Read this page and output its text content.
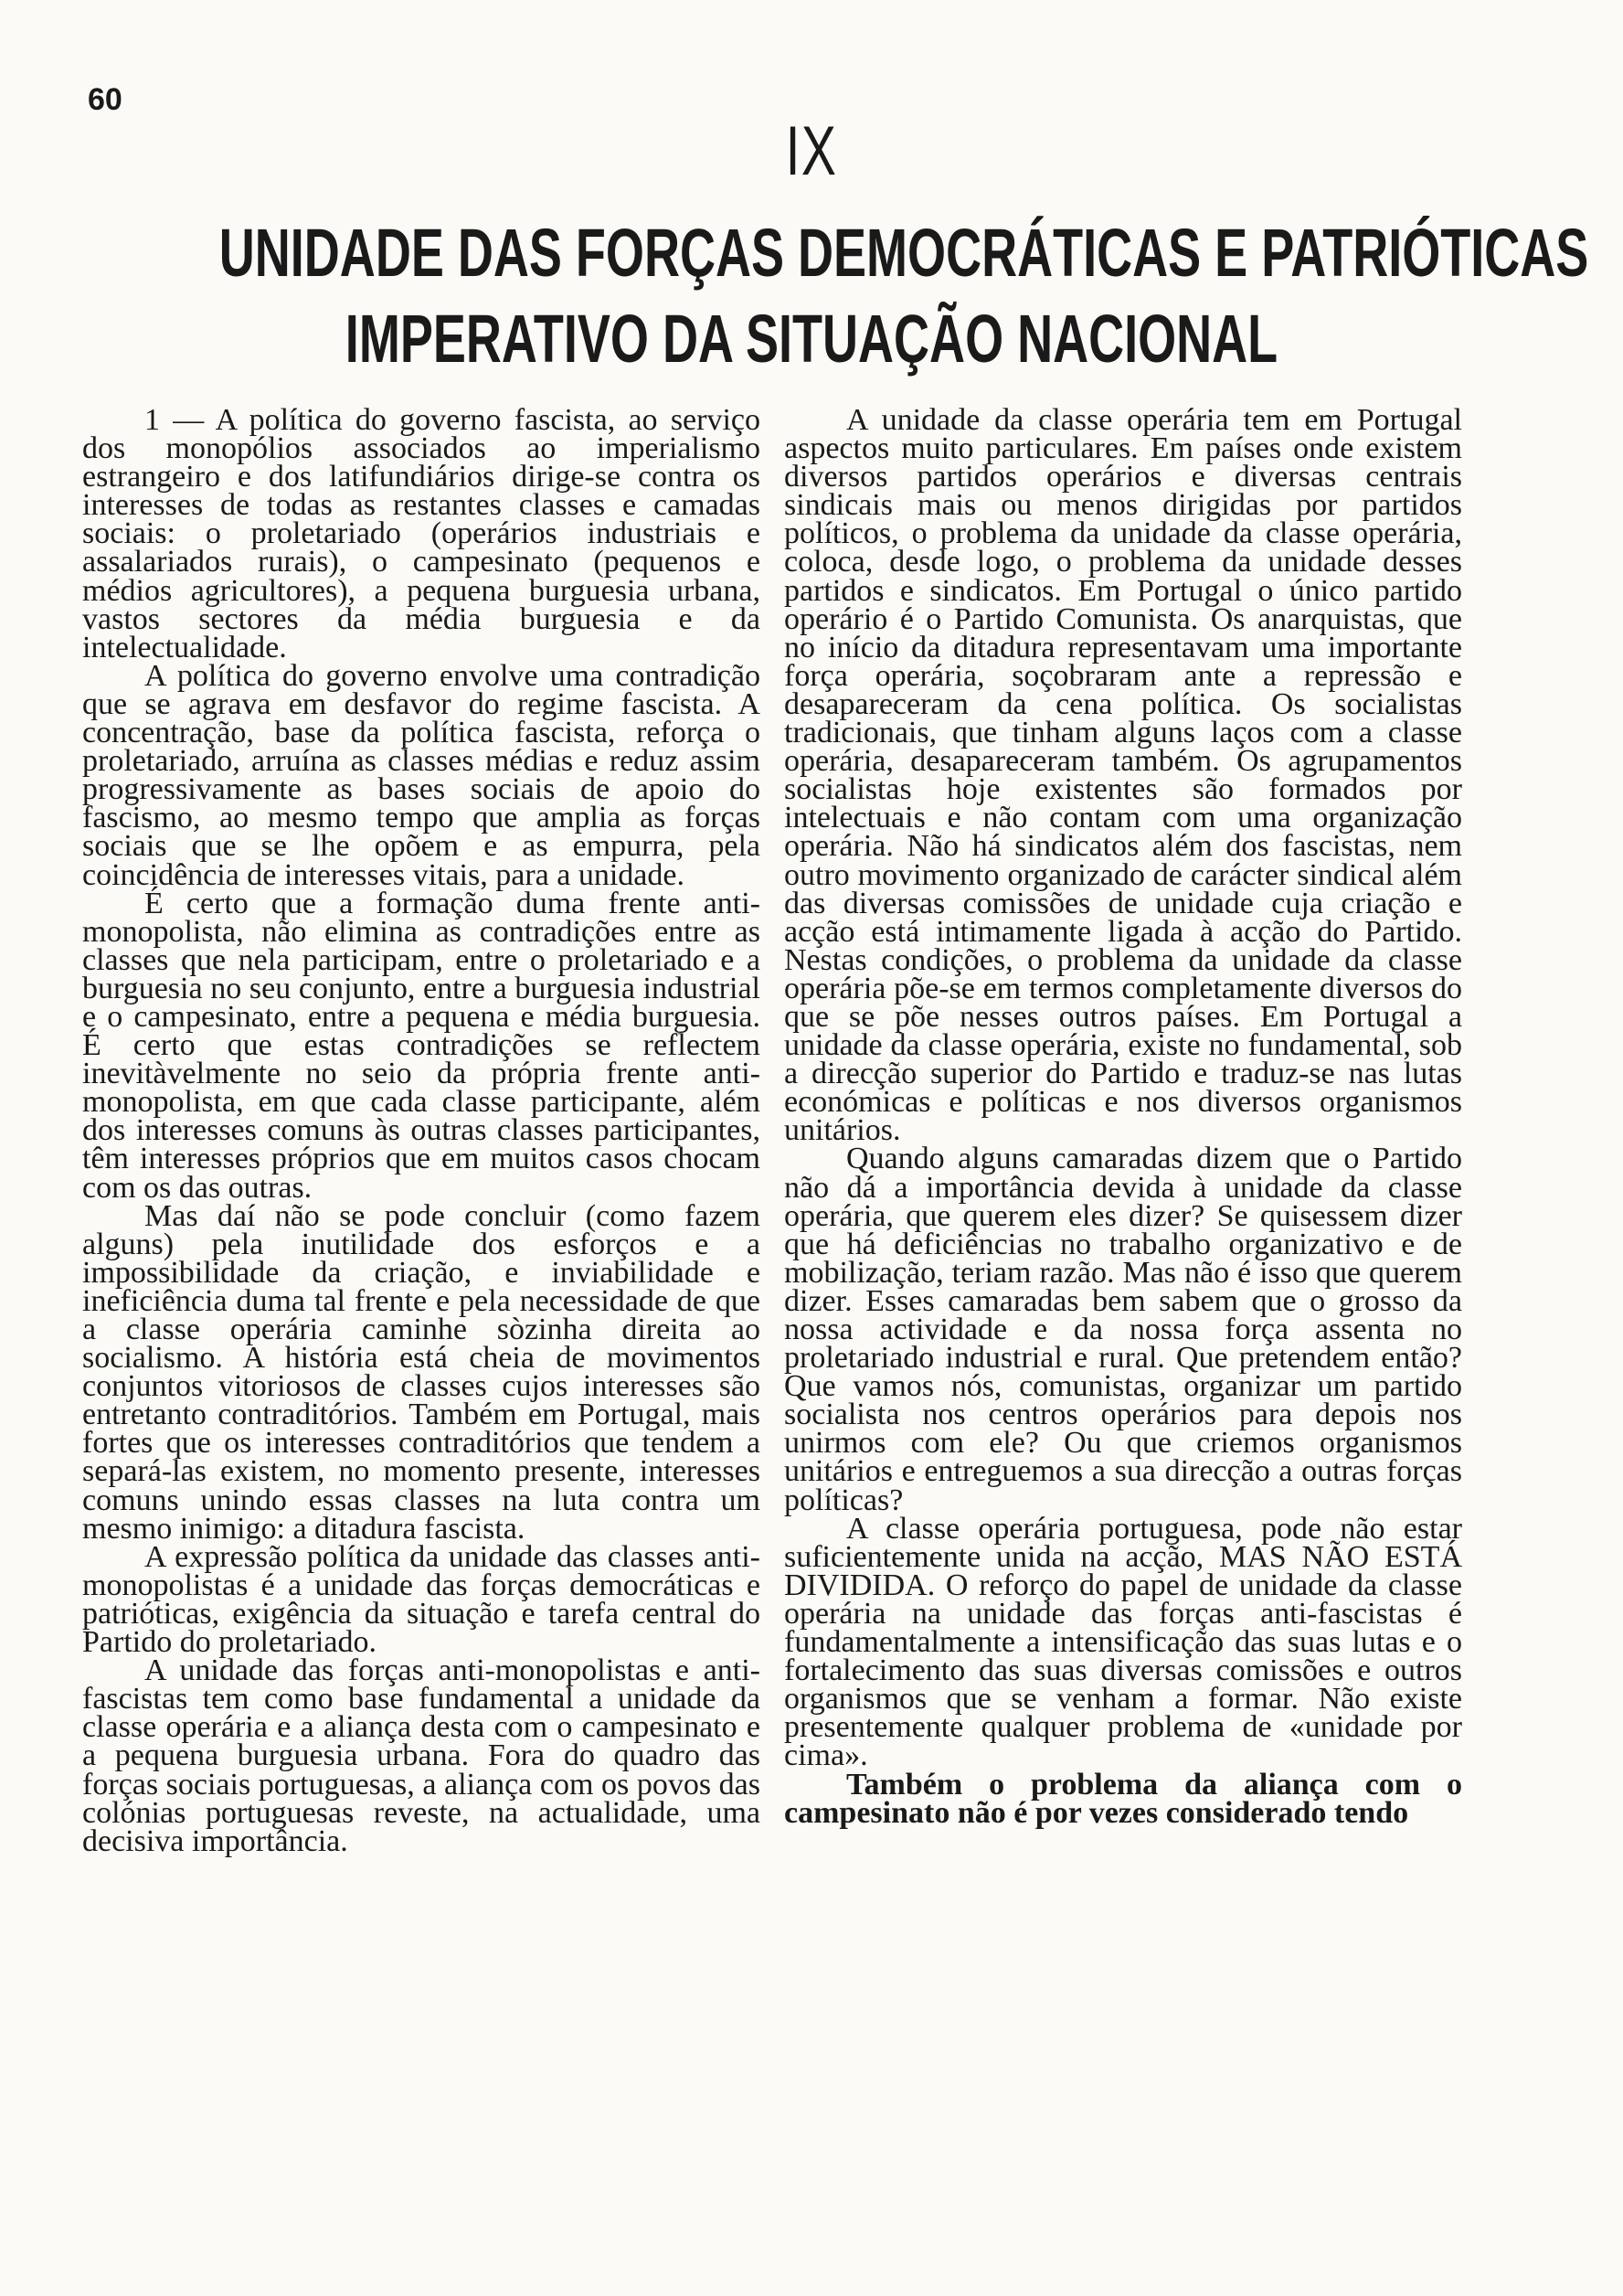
60
IX
UNIDADE DAS FORÇAS DEMOCRÁTICAS E PATRIÓTICAS
IMPERATIVO DA SITUAÇÃO NACIONAL

1 — A política do governo fascista, ao serviço dos monopólios associados ao imperialismo estrangeiro e dos latifundiários dirige-se contra os interesses de todas as restantes classes e camadas sociais: o proletariado (operários industriais e assalariados rurais), o campesinato (pequenos e médios agricultores), a pequena burguesia urbana, vastos sectores da média burguesia e da intelectualidade.

A política do governo envolve uma contradição que se agrava em desfavor do regime fascista. A concentração, base da política fascista, reforça o proletariado, arruína as classes médias e reduz assim progressivamente as bases sociais de apoio do fascismo, ao mesmo tempo que amplia as forças sociais que se lhe opõem e as empurra, pela coincidência de interesses vitais, para a unidade.

É certo que a formação duma frente anti-monopolista, não elimina as contradições entre as classes que nela participam, entre o proletariado e a burguesia no seu conjunto, entre a burguesia industrial e o campesinato, entre a pequena e média burguesia. É certo que estas contradições se reflectem inevitàvelmente no seio da própria frente anti-monopolista, em que cada classe participante, além dos interesses comuns às outras classes participantes, têm interesses próprios que em muitos casos chocam com os das outras.

Mas daí não se pode concluir (como fazem alguns) pela inutilidade dos esforços e a impossibilidade da criação, e inviabilidade e ineficiência duma tal frente e pela necessidade de que a classe operária caminhe sòzinha direita ao socialismo. A história está cheia de movimentos conjuntos vitoriosos de classes cujos interesses são entretanto contraditórios. Também em Portugal, mais fortes que os interesses contraditórios que tendem a separá-las existem, no momento presente, interesses comuns unindo essas classes na luta contra um mesmo inimigo: a ditadura fascista.

A expressão política da unidade das classes anti-monopolistas é a unidade das forças democráticas e patrióticas, exigência da situação e tarefa central do Partido do proletariado.

A unidade das forças anti-monopolistas e anti-fascistas tem como base fundamental a unidade da classe operária e a aliança desta com o campesinato e a pequena burguesia urbana. Fora do quadro das forças sociais portuguesas, a aliança com os povos das colónias portuguesas reveste, na actualidade, uma decisiva importância.

A unidade da classe operária tem em Portugal aspectos muito particulares. Em países onde existem diversos partidos operários e diversas centrais sindicais mais ou menos dirigidas por partidos políticos, o problema da unidade da classe operária, coloca, desde logo, o problema da unidade desses partidos e sindicatos. Em Portugal o único partido operário é o Partido Comunista. Os anarquistas, que no início da ditadura representavam uma importante força operária, soçobraram ante a repressão e desapareceram da cena política. Os socialistas tradicionais, que tinham alguns laços com a classe operária, desapareceram também. Os agrupamentos socialistas hoje existentes são formados por intelectuais e não contam com uma organização operária. Não há sindicatos além dos fascistas, nem outro movimento organizado de carácter sindical além das diversas comissões de unidade cuja criação e acção está intimamente ligada à acção do Partido. Nestas condições, o problema da unidade da classe operária põe-se em termos completamente diversos do que se põe nesses outros países. Em Portugal a unidade da classe operária, existe no fundamental, sob a direcção superior do Partido e traduz-se nas lutas económicas e políticas e nos diversos organismos unitários.

Quando alguns camaradas dizem que o Partido não dá a importância devida à unidade da classe operária, que querem eles dizer? Se quisessem dizer que há deficiências no trabalho organizativo e de mobilização, teriam razão. Mas não é isso que querem dizer. Esses camaradas bem sabem que o grosso da nossa actividade e da nossa força assenta no proletariado industrial e rural. Que pretendem então? Que vamos nós, comunistas, organizar um partido socialista nos centros operários para depois nos unirmos com ele? Ou que criemos organismos unitários e entreguemos a sua direcção a outras forças políticas?

A classe operária portuguesa, pode não estar suficientemente unida na acção, MAS NÃO ESTÁ DIVIDIDA. O reforço do papel de unidade da classe operária na unidade das forças anti-fascistas é fundamentalmente a intensificação das suas lutas e o fortalecimento das suas diversas comissões e outros organismos que se venham a formar. Não existe presentemente qualquer problema de «unidade por cima».

Também o problema da aliança com o campesinato não é por vezes considerado tendo
